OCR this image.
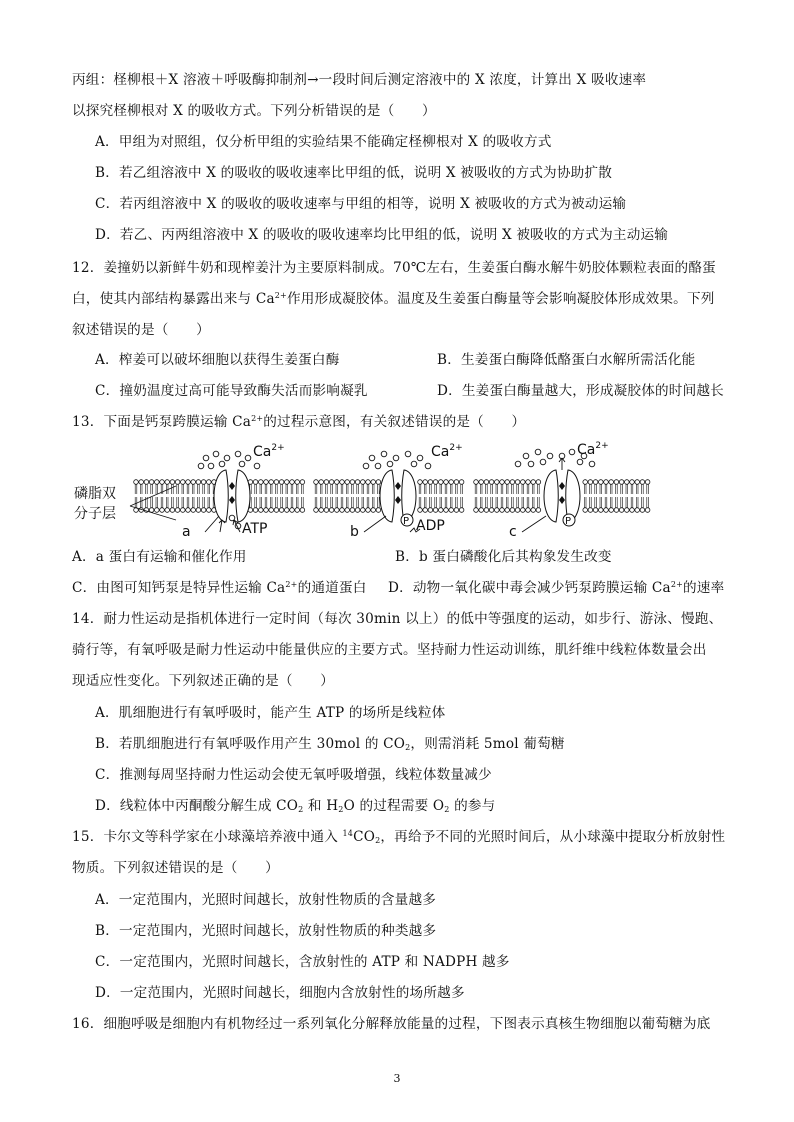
丙组：柽柳根＋X 溶液＋呼吸酶抑制剂→一段时间后测定溶液中的 X 浓度，计算出 X 吸收速率
以探究柽柳根对 X 的吸收方式。下列分析错误的是（　　）
A．甲组为对照组，仅分析甲组的实验结果不能确定柽柳根对 X 的吸收方式
B．若乙组溶液中 X 的吸收的吸收速率比甲组的低，说明 X 被吸收的方式为协助扩散
C．若丙组溶液中 X 的吸收的吸收速率与甲组的相等，说明 X 被吸收的方式为被动运输
D．若乙、丙两组溶液中 X 的吸收的吸收速率均比甲组的低，说明 X 被吸收的方式为主动运输
12．姜撞奶以新鲜牛奶和现榨姜汁为主要原料制成。70℃左右，生姜蛋白酶水解牛奶胶体颗粒表面的酪蛋
白，使其内部结构暴露出来与 $Ca^{2+}$作用形成凝胶体。温度及生姜蛋白酶量等会影响凝胶体形成效果。下列
叙述错误的是（　　）
A．榨姜可以破坏细胞以获得生姜蛋白酶	B．生姜蛋白酶降低酪蛋白水解所需活化能
C．撞奶温度过高可能导致酶失活而影响凝乳	D．生姜蛋白酶量越大，形成凝胶体的时间越长
13．下面是钙泵跨膜运输 $Ca^{2+}$的过程示意图，有关叙述错误的是（　　）
P	P
磷脂双
分子层
$Ca^{2+}$	$Ca^{2+}$	$Ca^{2+}$
a	ATP	b	ADP	c
A．a 蛋白有运输和催化作用	B．b 蛋白磷酸化后其构象发生改变
C．由图可知钙泵是特异性运输 $Ca^{2+}$的通道蛋白 D．动物一氧化碳中毒会减少钙泵跨膜运输 $Ca^{2+}$的速率
14．耐力性运动是指机体进行一定时间（每次 30min 以上）的低中等强度的运动，如步行、游泳、慢跑、
骑行等，有氧呼吸是耐力性运动中能量供应的主要方式。坚持耐力性运动训练，肌纤维中线粒体数量会出
现适应性变化。下列叙述正确的是（　　）
A．肌细胞进行有氧呼吸时，能产生 ATP 的场所是线粒体
B．若肌细胞进行有氧呼吸作用产生 30mol 的 $CO_2$，则需消耗 5mol 葡萄糖
C．推测每周坚持耐力性运动会使无氧呼吸增强，线粒体数量减少
D．线粒体中丙酮酸分解生成 $CO_2$ 和 $H_2O$ 的过程需要 $O_2$ 的参与
15．卡尔文等科学家在小球藻培养液中通入 $^{14}CO_2$，再给予不同的光照时间后，从小球藻中提取分析放射性
物质。下列叙述错误的是（　　）
A．一定范围内，光照时间越长，放射性物质的含量越多
B．一定范围内，光照时间越长，放射性物质的种类越多
C．一定范围内，光照时间越长，含放射性的 ATP 和 NADPH 越多
D．一定范围内，光照时间越长，细胞内含放射性的场所越多
16．细胞呼吸是细胞内有机物经过一系列氧化分解释放能量的过程，下图表示真核生物细胞以葡萄糖为底
3
